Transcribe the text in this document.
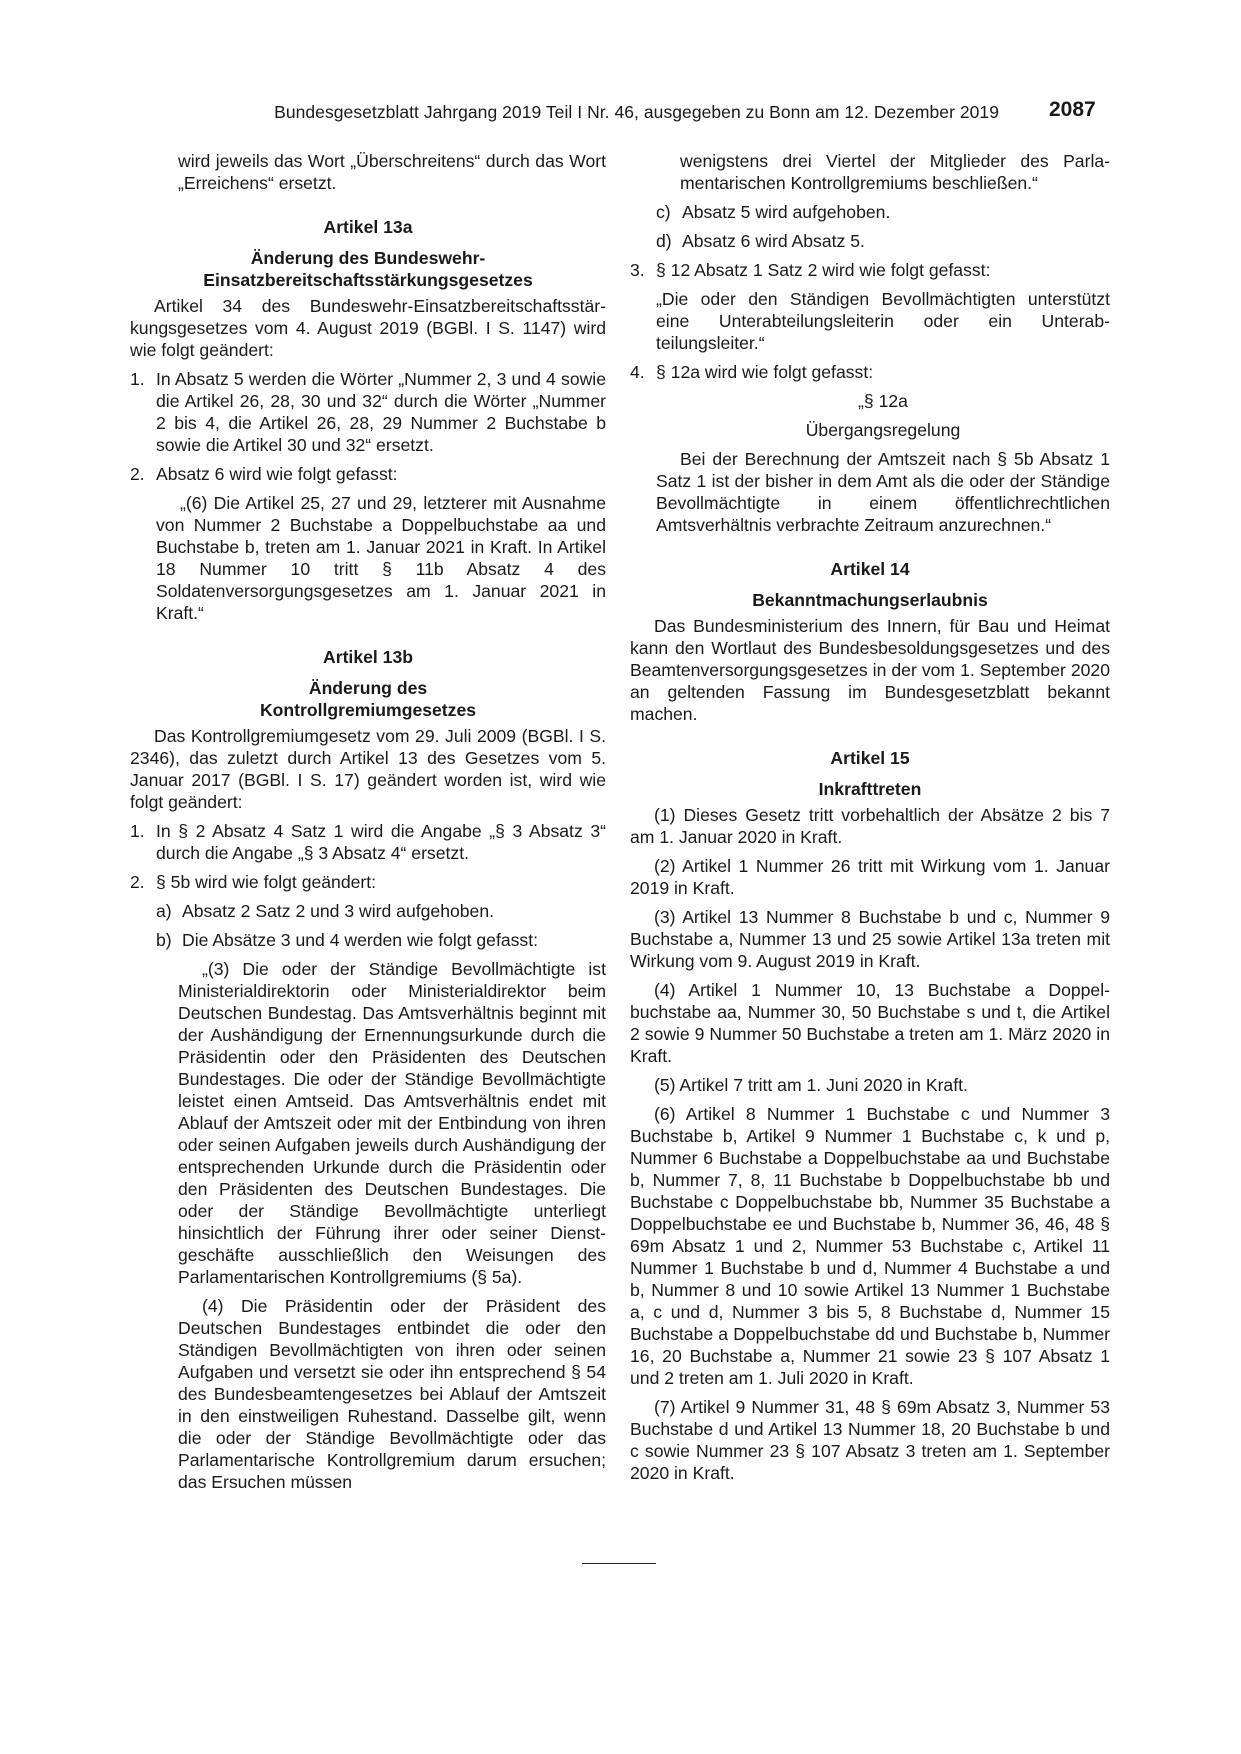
Bundesgesetzblatt Jahrgang 2019 Teil I Nr. 46, ausgegeben zu Bonn am 12. Dezember 2019 2087

wird jeweils das Wort „Überschreitens“ durch das Wort „Erreichens“ ersetzt.

Artikel 13a
Änderung des Bundeswehr-
Einsatzbereitschaftsstärkungsgesetzes

Artikel 34 des Bundeswehr-Einsatzbereitschaftsstärkungsgesetzes vom 4. August 2019 (BGBl. I S. 1147) wird wie folgt geändert:

1. In Absatz 5 werden die Wörter „Nummer 2, 3 und 4 sowie die Artikel 26, 28, 30 und 32“ durch die Wörter „Nummer 2 bis 4, die Artikel 26, 28, 29 Nummer 2 Buchstabe b sowie die Artikel 30 und 32“ ersetzt.
2. Absatz 6 wird wie folgt gefasst:

„(6) Die Artikel 25, 27 und 29, letzterer mit Ausnahme von Nummer 2 Buchstabe a Doppelbuchstabe aa und Buchstabe b, treten am 1. Januar 2021 in Kraft. In Artikel 18 Nummer 10 tritt § 11b Absatz 4 des Soldatenversorgungsgesetzes am 1. Januar 2021 in Kraft.“

Artikel 13b
Änderung des
Kontrollgremiumgesetzes

Das Kontrollgremiumgesetz vom 29. Juli 2009 (BGBl. I S. 2346), das zuletzt durch Artikel 13 des Gesetzes vom 5. Januar 2017 (BGBl. I S. 17) geändert worden ist, wird wie folgt geändert:

1. In § 2 Absatz 4 Satz 1 wird die Angabe „§ 3 Absatz 3“ durch die Angabe „§ 3 Absatz 4“ ersetzt.
2. § 5b wird wie folgt geändert:
a) Absatz 2 Satz 2 und 3 wird aufgehoben.
b) Die Absätze 3 und 4 werden wie folgt gefasst:

„(3) Die oder der Ständige Bevollmächtigte ist Ministerialdirektorin oder Ministerialdirektor beim Deutschen Bundestag. Das Amtsverhältnis beginnt mit der Aushändigung der Ernennungsurkunde durch die Präsidentin oder den Präsidenten des Deutschen Bundestages. Die oder der Ständige Bevollmächtigte leistet einen Amtseid. Das Amtsverhältnis endet mit Ablauf der Amtszeit oder mit der Entbindung von ihren oder seinen Aufgaben jeweils durch Aushändigung der entsprechenden Urkunde durch die Präsidentin oder den Präsidenten des Deutschen Bundestages. Die oder der Ständige Bevollmächtigte unterliegt hinsichtlich der Führung ihrer oder seiner Dienstgeschäfte ausschließlich den Weisungen des Parlamentarischen Kontrollgremiums (§ 5a).

(4) Die Präsidentin oder der Präsident des Deutschen Bundestages entbindet die oder den Ständigen Bevollmächtigten von ihren oder seinen Aufgaben und versetzt sie oder ihn entsprechend § 54 des Bundesbeamtengesetzes bei Ablauf der Amtszeit in den einstweiligen Ruhestand. Dasselbe gilt, wenn die oder der Ständige Bevollmächtigte oder das Parlamentarische Kontrollgremium darum ersuchen; das Ersuchen müssen

wenigstens drei Viertel der Mitglieder des Parlamentarischen Kontrollgremiums beschließen.“

c) Absatz 5 wird aufgehoben.
d) Absatz 6 wird Absatz 5.
3. § 12 Absatz 1 Satz 2 wird wie folgt gefasst:

„Die oder den Ständigen Bevollmächtigten unterstützt eine Unterabteilungsleiterin oder ein Unterabteilungsleiter.“

4. § 12a wird wie folgt gefasst:

„§ 12a

Übergangsregelung

Bei der Berechnung der Amtszeit nach § 5b Absatz 1 Satz 1 ist der bisher in dem Amt als die oder der Ständige Bevollmächtigte in einem öffentlichrechtlichen Amtsverhältnis verbrachte Zeitraum anzurechnen.“

Artikel 14
Bekanntmachungserlaubnis

Das Bundesministerium des Innern, für Bau und Heimat kann den Wortlaut des Bundesbesoldungsgesetzes und des Beamtenversorgungsgesetzes in der vom 1. September 2020 an geltenden Fassung im Bundesgesetzblatt bekannt machen.

Artikel 15
Inkrafttreten

(1) Dieses Gesetz tritt vorbehaltlich der Absätze 2 bis 7 am 1. Januar 2020 in Kraft.

(2) Artikel 1 Nummer 26 tritt mit Wirkung vom 1. Januar 2019 in Kraft.

(3) Artikel 13 Nummer 8 Buchstabe b und c, Nummer 9 Buchstabe a, Nummer 13 und 25 sowie Artikel 13a treten mit Wirkung vom 9. August 2019 in Kraft.

(4) Artikel 1 Nummer 10, 13 Buchstabe a Doppelbuchstabe aa, Nummer 30, 50 Buchstabe s und t, die Artikel 2 sowie 9 Nummer 50 Buchstabe a treten am 1. März 2020 in Kraft.

(5) Artikel 7 tritt am 1. Juni 2020 in Kraft.

(6) Artikel 8 Nummer 1 Buchstabe c und Nummer 3 Buchstabe b, Artikel 9 Nummer 1 Buchstabe c, k und p, Nummer 6 Buchstabe a Doppelbuchstabe aa und Buchstabe b, Nummer 7, 8, 11 Buchstabe b Doppelbuchstabe bb und Buchstabe c Doppelbuchstabe bb, Nummer 35 Buchstabe a Doppelbuchstabe ee und Buchstabe b, Nummer 36, 46, 48 § 69m Absatz 1 und 2, Nummer 53 Buchstabe c, Artikel 11 Nummer 1 Buchstabe b und d, Nummer 4 Buchstabe a und b, Nummer 8 und 10 sowie Artikel 13 Nummer 1 Buchstabe a, c und d, Nummer 3 bis 5, 8 Buchstabe d, Nummer 15 Buchstabe a Doppelbuchstabe dd und Buchstabe b, Nummer 16, 20 Buchstabe a, Nummer 21 sowie 23 § 107 Absatz 1 und 2 treten am 1. Juli 2020 in Kraft.

(7) Artikel 9 Nummer 31, 48 § 69m Absatz 3, Nummer 53 Buchstabe d und Artikel 13 Nummer 18, 20 Buchstabe b und c sowie Nummer 23 § 107 Absatz 3 treten am 1. September 2020 in Kraft.
